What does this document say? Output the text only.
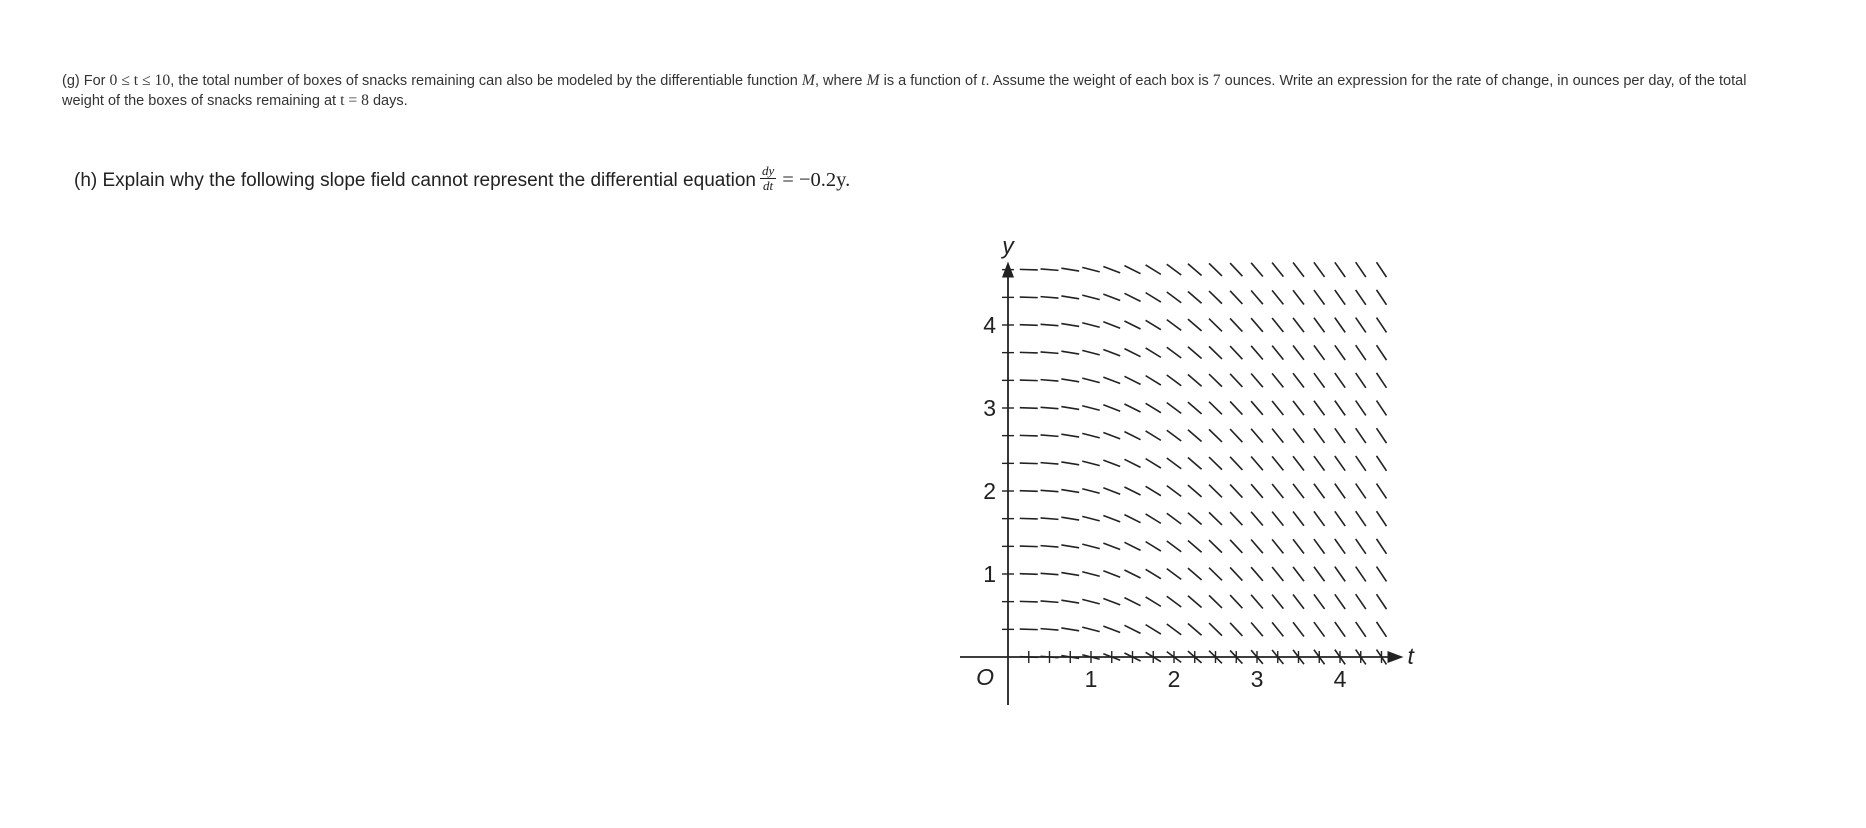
(g) For 0 ≤ t ≤ 10, the total number of boxes of snacks remaining can also be modeled by the differentiable function M, where M is a function of t. Assume the weight of each box is 7 ounces. Write an expression for the rate of change, in ounces per day, of the total weight of the boxes of snacks remaining at t = 8 days.
(h) Explain why the following slope field cannot represent the differential equation $\frac{dy}{dt} = -0.2y$.
1	2	3	4
1
2
3
4
O
t
y
